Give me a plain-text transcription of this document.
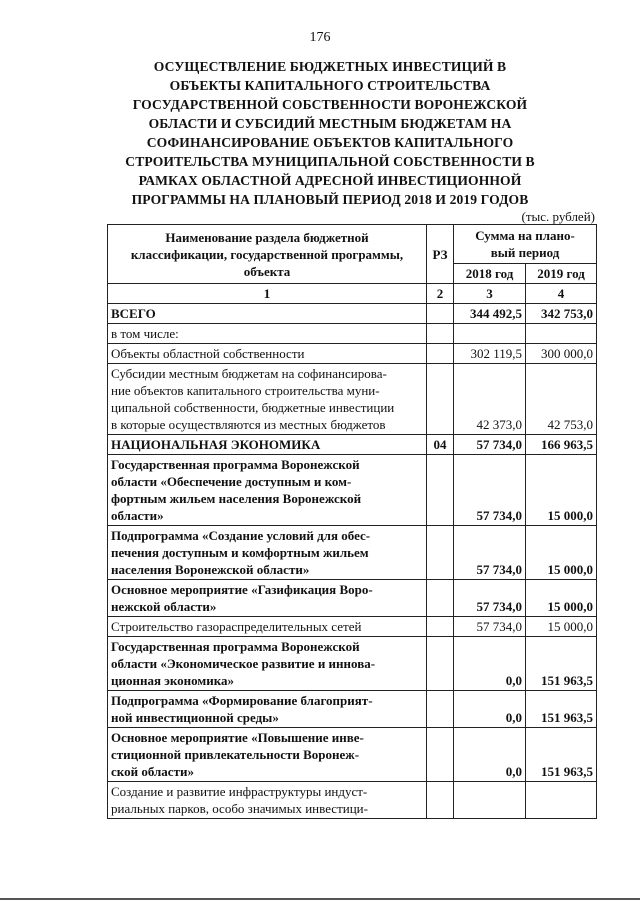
176
ОСУЩЕСТВЛЕНИЕ БЮДЖЕТНЫХ ИНВЕСТИЦИЙ В
ОБЪЕКТЫ КАПИТАЛЬНОГО СТРОИТЕЛЬСТВА
ГОСУДАРСТВЕННОЙ СОБСТВЕННОСТИ ВОРОНЕЖСКОЙ
ОБЛАСТИ И СУБСИДИЙ МЕСТНЫМ БЮДЖЕТАМ НА
СОФИНАНСИРОВАНИЕ ОБЪЕКТОВ КАПИТАЛЬНОГО
СТРОИТЕЛЬСТВА МУНИЦИПАЛЬНОЙ СОБСТВЕННОСТИ В
РАМКАХ ОБЛАСТНОЙ АДРЕСНОЙ ИНВЕСТИЦИОННОЙ
ПРОГРАММЫ НА ПЛАНОВЫЙ ПЕРИОД 2018 И 2019 ГОДОВ
(тыс. рублей)
Наименование раздела бюджетной классификации, государственной программы, объекта	РЗ	Сумма на плано-
вый период	
		2018 год	2019 год
1	2	3	4
ВСЕГО		344 492,5	342 753,0
в том числе:			
Объекты областной собственности		302 119,5	300 000,0
Субсидии местным бюджетам на софинансирова-
ние объектов капитального строительства муни-
ципальной собственности, бюджетные инвестиции
в которые осуществляются из местных бюджетов		42 373,0	42 753,0
НАЦИОНАЛЬНАЯ ЭКОНОМИКА	04	57 734,0	166 963,5
Государственная программа Воронежской
области «Обеспечение доступным и ком-
фортным жильем населения Воронежской
области»		57 734,0	15 000,0
Подпрограмма «Создание условий для обес-
печения доступным и комфортным жильем
населения Воронежской области»		57 734,0	15 000,0
Основное мероприятие «Газификация Воро-
нежской области»		57 734,0	15 000,0
Строительство газораспределительных сетей		57 734,0	15 000,0
Государственная программа Воронежской
области «Экономическое развитие и иннова-
ционная экономика»		0,0	151 963,5
Подпрограмма «Формирование благоприят-
ной инвестиционной среды»		0,0	151 963,5
Основное мероприятие «Повышение инве-
стиционной привлекательности Воронеж-
ской области»		0,0	151 963,5
Создание и развитие инфраструктуры индуст-
риальных парков, особо значимых инвестици-			
